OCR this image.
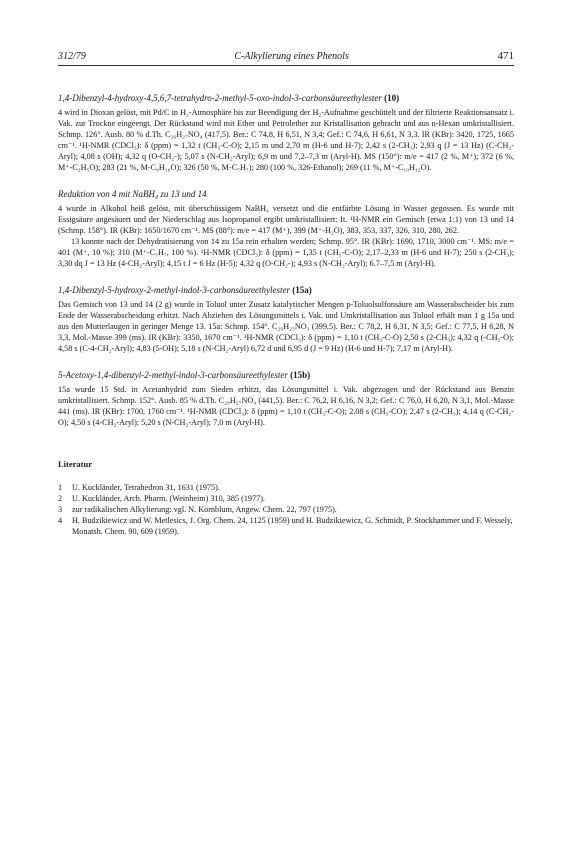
312/79	C-Alkylierung eines Phenols	471
1,4-Dibenzyl-4-hydroxy-4,5,6,7-tetrahydro-2-methyl-5-oxo-indol-3-carbonsäureethylester (10)

4 wird in Dioxan gelöst, mit Pd/C in H₂-Atmosphäre bis zur Beendigung der H₂-Aufnahme geschüttelt und der filtrierte Reaktionsansatz i. Vak. zur Trockne eingeengt. Der Rückstand wird mit Ether und Petrolether zur Kristallisation gebracht und aus n-Hexan umkristallisiert. Schmp. 126°. Ausb. 80 % d.Th. C₂₆H₂₇NO₄ (417,5). Ber.: C 74,8, H 6,51, N 3,4; Gef.: C 74,6, H 6,61, N 3,3. IR (KBr): 3420, 1725, 1665 cm⁻¹. ¹H-NMR (CDCl₃): δ (ppm) = 1,32 t (CH₃-C-O); 2,15 m und 2,70 m (H-6 und H-7); 2,42 s (2-CH₃); 2,93 q (J = 13 Hz) (C-CH₂-Aryl); 4,08 s (OH); 4,32 q (O-CH₂-); 5,07 s (N-CH₂-Aryl); 6,9 m und 7,2–7,3 m (Aryl-H). MS (150°): m/e = 417 (2 %, M⁺); 372 (6 %, M⁺-C₂H₅O); 283 (21 %, M-C₉H₁₀O); 326 (50 %, M-C₇H₇); 280 (100 %, 326-Ethanol); 269 (11 %, M⁺-C₁₀H₁₂O).

Reduktion von 4 mit NaBH₄ zu 13 und 14

4 wurde in Alkohol heiß gelöst, mit überschüssigem NaBH₄ versetzt und die entfärbte Lösung in Wasser gegossen. Es wurde mit Essigsäure angesäuert und der Niederschlag aus Isopropanol ergibt umkristallisiert: It. ¹H-NMR ein Gemisch (etwa 1:1) von 13 und 14 (Schmp. 158°). IR (KBr): 1650/1670 cm⁻¹. MS (88°): m/e = 417 (M⁺), 399 (M⁺-H₂O), 383, 353, 337, 326, 310, 280, 262.

13 konnte nach der Dehydratisierung von 14 zu 15a rein erhalten werden; Schmp. 95°. IR (KBr): 1690, 1710, 3000 cm⁻¹. MS: m/e = 401 (M⁺, 10 %); 310 (M⁺-C₇H₇, 100 %). ¹H-NMR (CDCl₃): δ (ppm) = 1,35 t (CH₃-C-O); 2,17–2,33 m (H-6 und H-7); 250 s (2-CH₃); 3,30 dq J = 13 Hz (4-CH₂-Aryl); 4,15 t J = 6 Hz (H-5); 4,32 q (O-CH₂-); 4,93 s (N-CH₂-Aryl); 6.7–7,5 m (Aryl-H).

1,4-Dibenzyl-5-hydroxy-2-methyl-indol-3-carbonsäureethylester (15a)

Das Gemisch von 13 und 14 (2 g) wurde in Toluol unter Zusatz katalytischer Mengen p-Toluolsulfonsäure am Wasserabscheider bis zum Ende der Wasserabscheidung erhitzt. Nach Abziehen des Lösungsmittels i. Vak. und Umkristallisation aus Toluol erhält man 1 g 15a und aus den Mutterlaugen in geringer Menge 13. 15a: Schmp. 154°. C₂₆H₂₅NO₃ (399,5). Ber.: C 78,2, H 6,31, N 3,5; Gef.: C 77,5, H 6,28, N 3,3, Mol.-Masse 399 (ms). IR (KBr): 3350, 1670 cm⁻¹. ¹H-NMR (CDCl₃): δ (ppm) = 1,10 t (CH₃-C-O) 2,50 s (2-CH₃); 4,32 q (-CH₂-O); 4,58 s (C-4-CH₂-Aryl); 4,83 (5-OH); 5,18 s (N-CH₂-Aryl) 6,72 d und 6,95 d (J = 9 Hz) (H-6 und H-7); 7,17 m (Aryl-H).

5-Acetoxy-1,4-dibenzyl-2-methyl-indol-3-carbonsäureethylester (15b)

15a wurde 15 Std. in Acetanhydrid zum Sieden erhitzt, das Lösungsmittel i. Vak. abgezogen und der Rückstand aus Benzin umkristallisiert. Schmp. 152°. Ausb. 85 % d.Th. C₂₈H₂₇NO₄ (441,5). Ber.: C 76,2, H 6,16, N 3,2; Gef.: C 76,0, H 6,20, N 3,1, Mol.-Masse 441 (ms). IR (KBr): 1700, 1760 cm⁻¹. ¹H-NMR (CDCl₃): δ (ppm) = 1,10 t (CH₃-C-O); 2.08 s (CH₃-CO); 2,47 s (2-CH₃); 4,14 q (C-CH₂-O); 4,50 s (4-CH₂-Aryl); 5,20 s (N-CH₂-Aryl); 7,0 m (Aryl-H).

Literatur
1	U. Kuckländer, Tetrahedron 31, 1631 (1975).
2	U. Kuckländer, Arch. Pharm. (Weinheim) 310, 385 (1977).
3	zur radikalischen Alkylierung: vgl. N. Kornblum, Angew. Chem. 22, 797 (1975).
4	H. Budzikiewicz und W. Metlesics, J. Org. Chem. 24, 1125 (1959) und H. Budzikiewicz, G. Schmidt, P. Stockhammer und F. Wessely, Monatsh. Chem. 90, 609 (1959).
